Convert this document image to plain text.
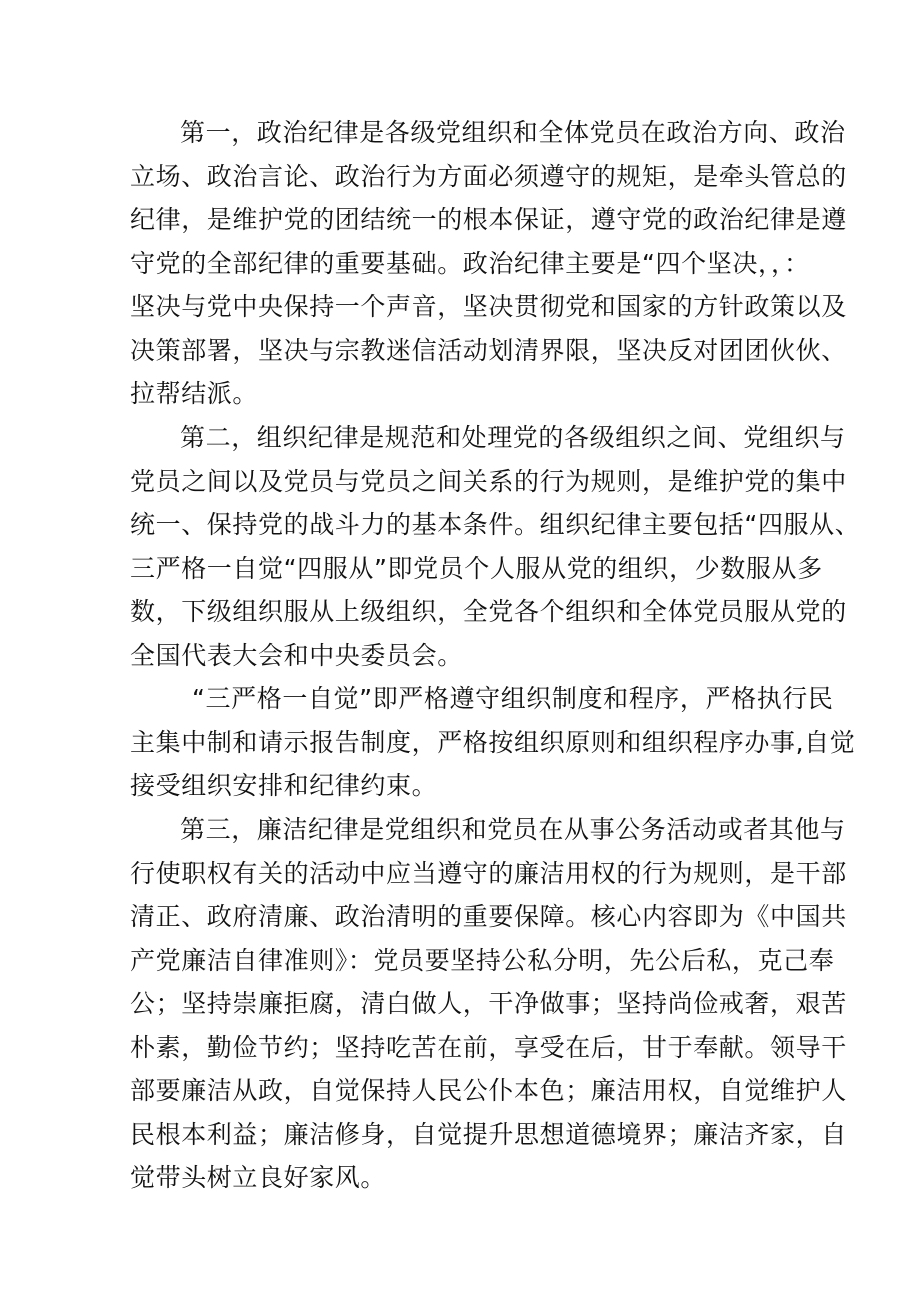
第一，政治纪律是各级党组织和全体党员在政治方向、政治
立场、政治言论、政治行为方面必须遵守的规矩，是牵头管总的
纪律，是维护党的团结统一的根本保证，遵守党的政治纪律是遵
守党的全部纪律的重要基础。政治纪律主要是“四个坚决，，：
坚决与党中央保持一个声音，坚决贯彻党和国家的方针政策以及
决策部署，坚决与宗教迷信活动划清界限，坚决反对团团伙伙、
拉帮结派。
第二，组织纪律是规范和处理党的各级组织之间、党组织与
党员之间以及党员与党员之间关系的行为规则，是维护党的集中
统一、保持党的战斗力的基本条件。组织纪律主要包括“四服从、
三严格一自觉“四服从”即党员个人服从党的组织，少数服从多
数，下级组织服从上级组织，全党各个组织和全体党员服从党的
全国代表大会和中央委员会。
“三严格一自觉”即严格遵守组织制度和程序，严格执行民
主集中制和请示报告制度，严格按组织原则和组织程序办事,自觉
接受组织安排和纪律约束。
第三，廉洁纪律是党组织和党员在从事公务活动或者其他与
行使职权有关的活动中应当遵守的廉洁用权的行为规则，是干部
清正、政府清廉、政治清明的重要保障。核心内容即为《中国共
产党廉洁自律准则》：党员要坚持公私分明，先公后私，克己奉
公；坚持崇廉拒腐，清白做人，干净做事；坚持尚俭戒奢，艰苦
朴素，勤俭节约；坚持吃苦在前，享受在后，甘于奉献。领导干
部要廉洁从政，自觉保持人民公仆本色；廉洁用权，自觉维护人
民根本利益；廉洁修身，自觉提升思想道德境界；廉洁齐家，自
觉带头树立良好家风。
